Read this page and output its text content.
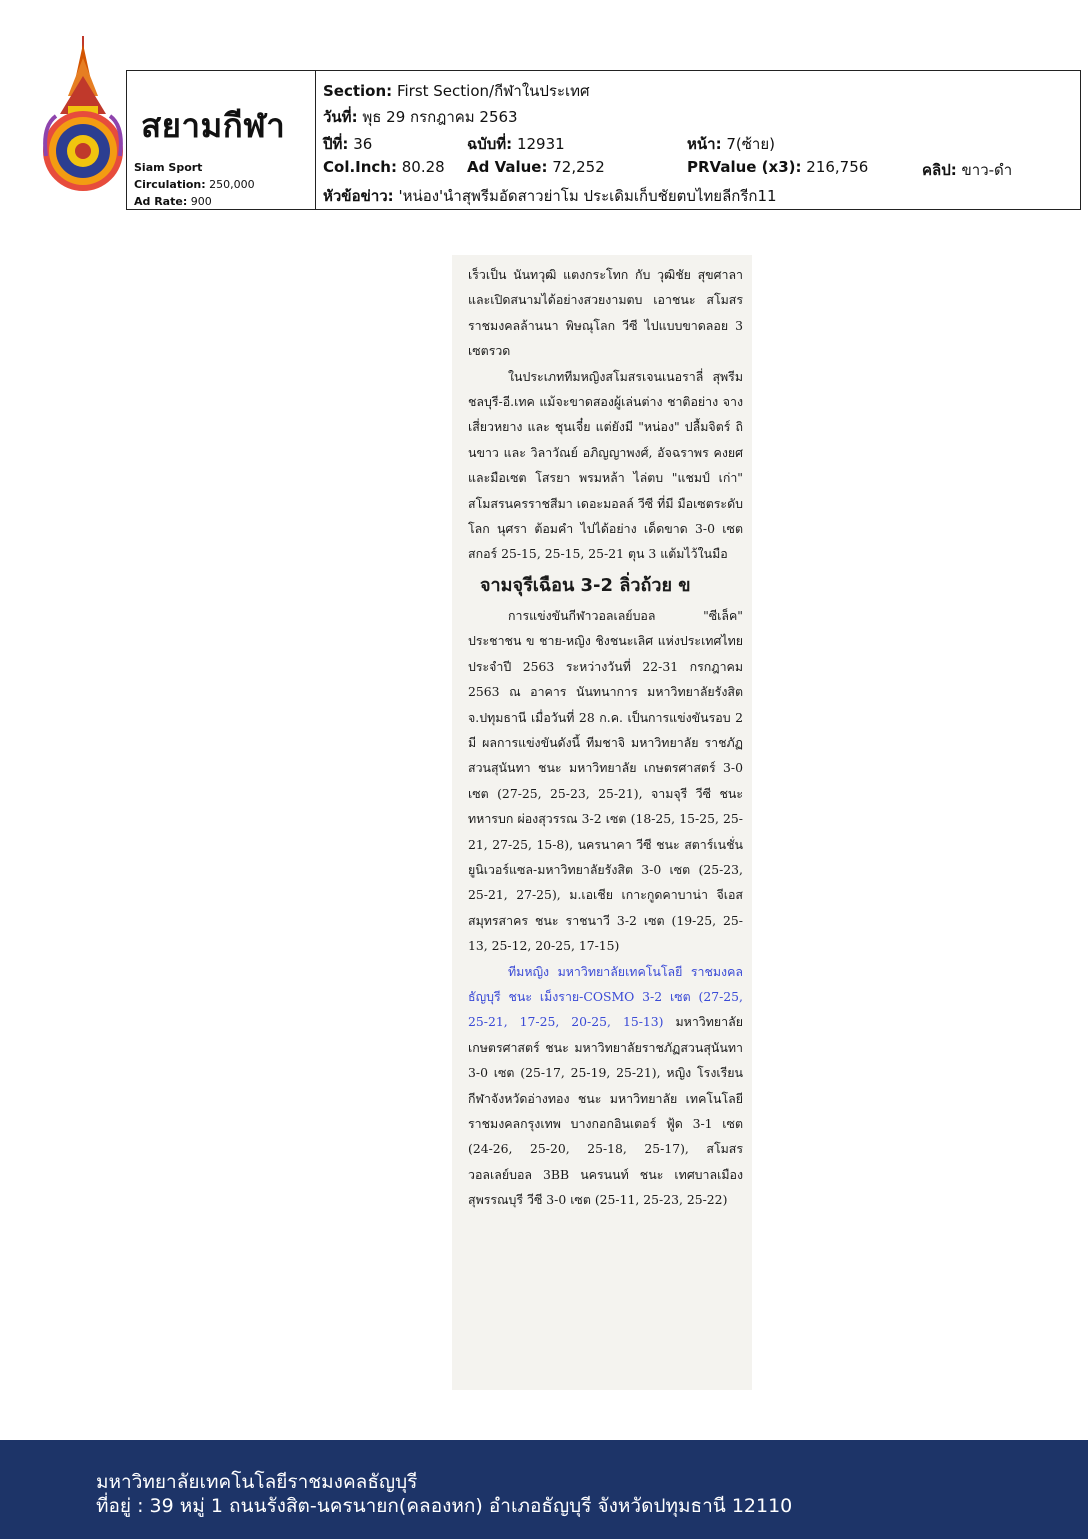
สยามกีฬา
Siam Sport
Circulation: 250,000
Ad Rate: 900
Section: First Section/กีฬาในประเทศ
วันที่: พุธ 29 กรกฎาคม 2563
ปีที่: 36	ฉบับที่: 12931	หน้า: 7(ซ้าย)
Col.Inch: 80.28 Ad Value: 72,252	PRValue (x3): 216,756	คลิป: ขาว-ดำ
หัวข้อข่าว: 'หน่อง'นำสุพรีมอัดสาวย่าโม ประเดิมเก็บชัยตบไทยลีกรีก11

เร็วเป็น นันทวุฒิ แตงกระโทก กับ วุฒิชัย สุขศาลา และเปิดสนามได้อย่างสวยงามตบ เอาชนะ สโมสรราชมงคลล้านนา พิษณุโลก วีซี ไปแบบขาดลอย 3 เซตรวด

ในประเภททีมหญิงสโมสรเจนเนอราลี่ สุพรีม ชลบุรี-อี.เทค แม้จะขาดสองผู้เล่นต่าง ชาติอย่าง จาง เสี่ยวหยาง และ ชุนเจี๋ย แต่ยังมี "หน่อง" ปลื้มจิตร์ ถินขาว และ วิลาวัณย์ อภิญญาพงศ์, อัจฉราพร คงยศ และมือเซต โสรยา พรมหล้า ไล่ตบ "แชมป์ เก่า" สโมสรนครราชสีมา เดอะมอลล์ วีซี ที่มี มือเซตระดับโลก นุศรา ต้อมคำ ไปได้อย่าง เด็ดขาด 3-0 เซต สกอร์ 25-15, 25-15, 25-21 ตุน 3 แต้มไว้ในมือ

จามจุรีเฉือน 3-2 ลิ่วถ้วย ข

การแข่งขันกีฬาวอลเลย์บอล "ซีเล็ค" ประชาชน ข ชาย-หญิง ชิงชนะเลิศ แห่งประเทศไทย ประจำปี 2563 ระหว่างวันที่ 22-31 กรกฎาคม 2563 ณ อาคาร นันทนาการ มหาวิทยาลัยรังสิต จ.ปทุมธานี เมื่อวันที่ 28 ก.ค. เป็นการแข่งขันรอบ 2 มี ผลการแข่งขันดังนี้ ทีมชาจิ มหาวิทยาลัย ราชภัฏสวนสุนันทา ชนะ มหาวิทยาลัย เกษตรศาสตร์ 3-0 เซต (27-25, 25-23, 25-21), จามจุรี วีซี ชนะ ทหารบก ผ่องสุวรรณ 3-2 เซต (18-25, 15-25, 25-21, 27-25, 15-8), นครนาคา วีซี ชนะ สตาร์เนชั่นยูนิเวอร์แซล-มหาวิทยาลัยรังสิต 3-0 เซต (25-23, 25-21, 27-25), ม.เอเชีย เกาะกูดคาบาน่า จีเอส สมุทรสาคร ชนะ ราชนาวี 3-2 เซต (19-25, 25-13, 25-12, 20-25, 17-15)

ทีมหญิง มหาวิทยาลัยเทคโนโลยี ราชมงคลธัญบุรี ชนะ เม็งราย-COSMO 3-2 เซต (27-25, 25-21, 17-25, 20-25, 15-13) มหาวิทยาลัยเกษตรศาสตร์ ชนะ มหาวิทยาลัยราชภัฏสวนสุนันทา 3-0 เซต (25-17, 25-19, 25-21), หญิง โรงเรียน กีฬาจังหวัดอ่างทอง ชนะ มหาวิทยาลัย เทคโนโลยีราชมงคลกรุงเทพ บางกอกอินเตอร์ ฟู้ด 3-1 เซต (24-26, 25-20, 25-18, 25-17), สโมสรวอลเลย์บอล 3BB นครนนท์ ชนะ เทศบาลเมืองสุพรรณบุรี วีซี 3-0 เซต (25-11, 25-23, 25-22)

มหาวิทยาลัยเทคโนโลยีราชมงคลธัญบุรี
ที่อยู่ : 39 หมู่ 1 ถนนรังสิต-นครนายก(คลองหก) อำเภอธัญบุรี จังหวัดปทุมธานี 12110
